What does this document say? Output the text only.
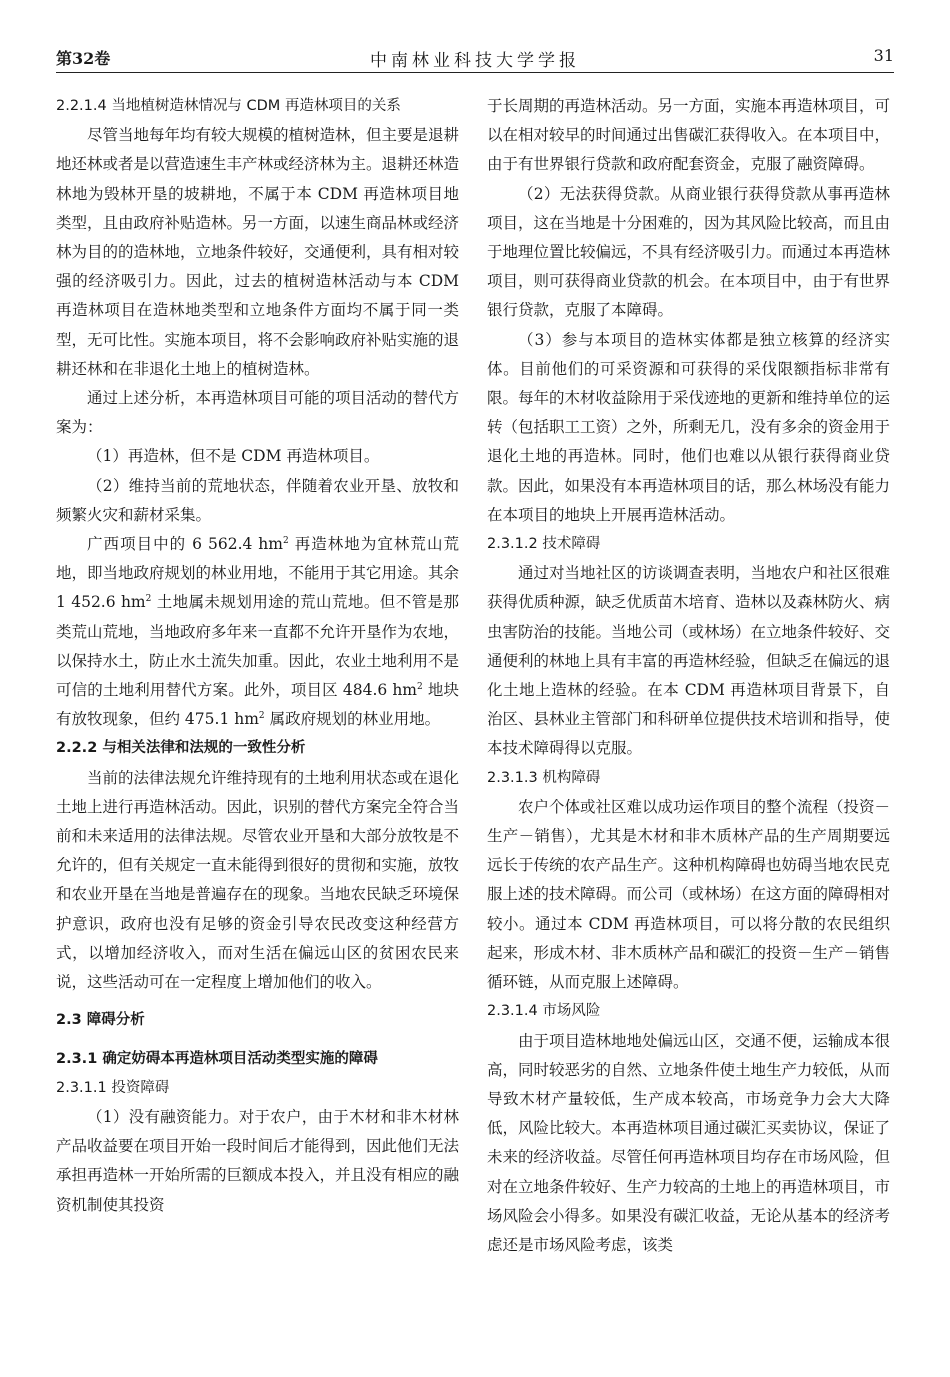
第32卷	中南林业科技大学学报	31
2.2.1.4 当地植树造林情况与 CDM 再造林项目的关系

尽管当地每年均有较大规模的植树造林，但主要是退耕地还林或者是以营造速生丰产林或经济林为主。退耕还林造林地为毁林开垦的坡耕地，不属于本 CDM 再造林项目地类型，且由政府补贴造林。另一方面，以速生商品林或经济林为目的的造林地，立地条件较好，交通便利，具有相对较强的经济吸引力。因此，过去的植树造林活动与本 CDM 再造林项目在造林地类型和立地条件方面均不属于同一类型，无可比性。实施本项目，将不会影响政府补贴实施的退耕还林和在非退化土地上的植树造林。

通过上述分析，本再造林项目可能的项目活动的替代方案为：

（1）再造林，但不是 CDM 再造林项目。

（2）维持当前的荒地状态，伴随着农业开垦、放牧和频繁火灾和薪材采集。

广西项目中的 6 562.4 $hm^2$ 再造林地为宜林荒山荒地，即当地政府规划的林业用地，不能用于其它用途。其余 1 452.6 $hm^2$ 土地属未规划用途的荒山荒地。但不管是那类荒山荒地，当地政府多年来一直都不允许开垦作为农地，以保持水土，防止水土流失加重。因此，农业土地利用不是可信的土地利用替代方案。此外，项目区 484.6 $hm^2$ 地块有放牧现象，但约 475.1 $hm^2$ 属政府规划的林业用地。

2.2.2 与相关法律和法规的一致性分析

当前的法律法规允许维持现有的土地利用状态或在退化土地上进行再造林活动。因此，识别的替代方案完全符合当前和未来适用的法律法规。尽管农业开垦和大部分放牧是不允许的，但有关规定一直未能得到很好的贯彻和实施，放牧和农业开垦在当地是普遍存在的现象。当地农民缺乏环境保护意识，政府也没有足够的资金引导农民改变这种经营方式，以增加经济收入，而对生活在偏远山区的贫困农民来说，这些活动可在一定程度上增加他们的收入。

2.3 障碍分析
2.3.1 确定妨碍本再造林项目活动类型实施的障碍
2.3.1.1 投资障碍

（1）没有融资能力。对于农户，由于木材和非木材林产品收益要在项目开始一段时间后才能得到，因此他们无法承担再造林一开始所需的巨额成本投入，并且没有相应的融资机制使其投资

于长周期的再造林活动。另一方面，实施本再造林项目，可以在相对较早的时间通过出售碳汇获得收入。在本项目中，由于有世界银行贷款和政府配套资金，克服了融资障碍。

（2）无法获得贷款。从商业银行获得贷款从事再造林项目，这在当地是十分困难的，因为其风险比较高，而且由于地理位置比较偏远，不具有经济吸引力。而通过本再造林项目，则可获得商业贷款的机会。在本项目中，由于有世界银行贷款，克服了本障碍。

（3）参与本项目的造林实体都是独立核算的经济实体。目前他们的可采资源和可获得的采伐限额指标非常有限。每年的木材收益除用于采伐迹地的更新和维持单位的运转（包括职工工资）之外，所剩无几，没有多余的资金用于退化土地的再造林。同时，他们也难以从银行获得商业贷款。因此，如果没有本再造林项目的话，那么林场没有能力在本项目的地块上开展再造林活动。

2.3.1.2 技术障碍

通过对当地社区的访谈调查表明，当地农户和社区很难获得优质种源，缺乏优质苗木培育、造林以及森林防火、病虫害防治的技能。当地公司（或林场）在立地条件较好、交通便利的林地上具有丰富的再造林经验，但缺乏在偏远的退化土地上造林的经验。在本 CDM 再造林项目背景下，自治区、县林业主管部门和科研单位提供技术培训和指导，使本技术障碍得以克服。

2.3.1.3 机构障碍

农户个体或社区难以成功运作项目的整个流程（投资－生产－销售），尤其是木材和非木质林产品的生产周期要远远长于传统的农产品生产。这种机构障碍也妨碍当地农民克服上述的技术障碍。而公司（或林场）在这方面的障碍相对较小。通过本 CDM 再造林项目，可以将分散的农民组织起来，形成木材、非木质林产品和碳汇的投资－生产－销售循环链，从而克服上述障碍。

2.3.1.4 市场风险

由于项目造林地地处偏远山区，交通不便，运输成本很高，同时较恶劣的自然、立地条件使土地生产力较低，从而导致木材产量较低，生产成本较高，市场竞争力会大大降低，风险比较大。本再造林项目通过碳汇买卖协议，保证了未来的经济收益。尽管任何再造林项目均存在市场风险，但对在立地条件较好、生产力较高的土地上的再造林项目，市场风险会小得多。如果没有碳汇收益，无论从基本的经济考虑还是市场风险考虑，该类
